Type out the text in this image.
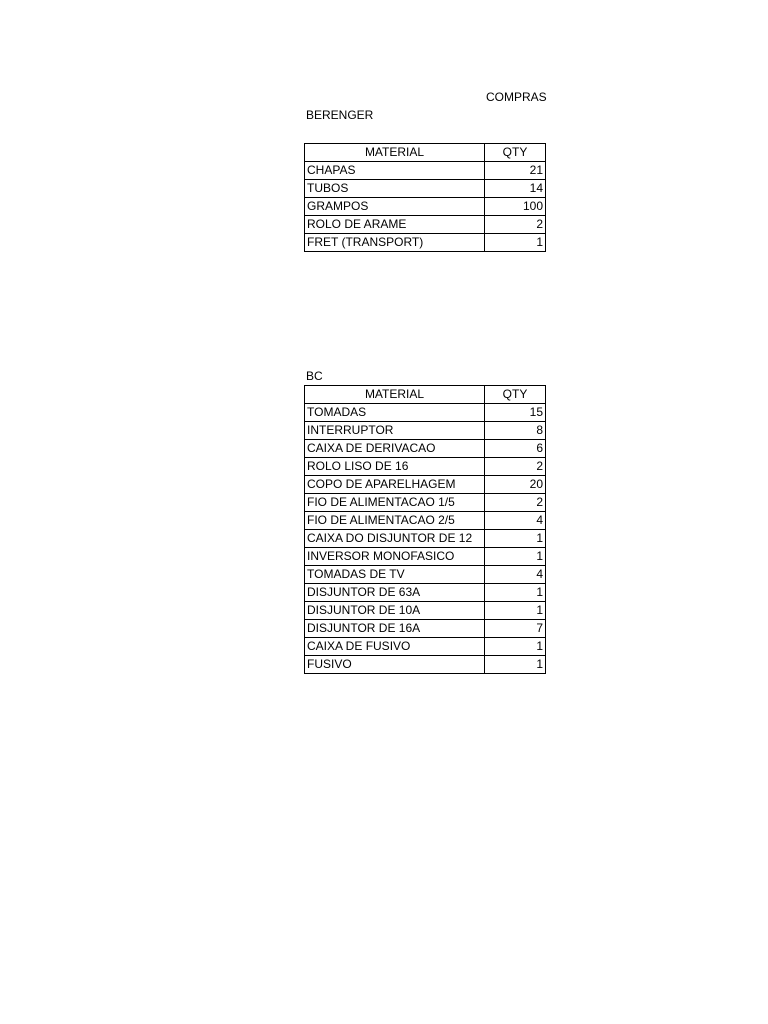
COMPRAS
BERENGER
MATERIAL	QTY
CHAPAS	21
TUBOS	14
GRAMPOS	100
ROLO DE ARAME	2
FRET (TRANSPORT)	1
BC
MATERIAL	QTY
TOMADAS	15
INTERRUPTOR	8
CAIXA DE DERIVACAO	6
ROLO LISO DE 16	2
COPO DE APARELHAGEM	20
FIO DE ALIMENTACAO 1/5	2
FIO DE ALIMENTACAO 2/5	4
CAIXA DO DISJUNTOR DE 12	1
INVERSOR MONOFASICO	1
TOMADAS DE TV	4
DISJUNTOR DE 63A	1
DISJUNTOR DE 10A	1
DISJUNTOR DE 16A	7
CAIXA DE FUSIVO	1
FUSIVO	1
